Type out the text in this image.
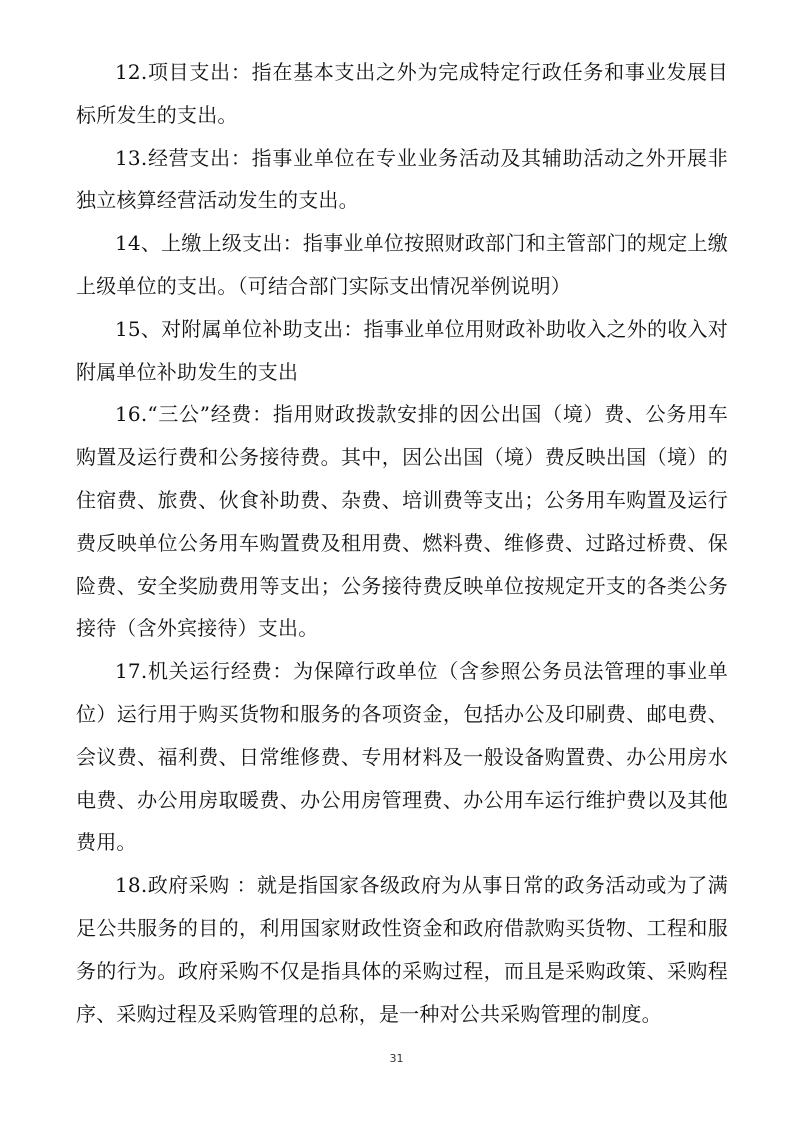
12.项目支出：指在基本支出之外为完成特定行政任务和事业发展目标所发生的支出。

13.经营支出：指事业单位在专业业务活动及其辅助活动之外开展非独立核算经营活动发生的支出。

14、上缴上级支出：指事业单位按照财政部门和主管部门的规定上缴上级单位的支出。（可结合部门实际支出情况举例说明）

15、对附属单位补助支出：指事业单位用财政补助收入之外的收入对附属单位补助发生的支出

16.“三公”经费：指用财政拨款安排的因公出国（境）费、公务用车购置及运行费和公务接待费。其中，因公出国（境）费反映出国（境）的住宿费、旅费、伙食补助费、杂费、培训费等支出；公务用车购置及运行费反映单位公务用车购置费及租用费、燃料费、维修费、过路过桥费、保险费、安全奖励费用等支出；公务接待费反映单位按规定开支的各类公务接待（含外宾接待）支出。

17.机关运行经费：为保障行政单位（含参照公务员法管理的事业单位）运行用于购买货物和服务的各项资金，包括办公及印刷费、邮电费、会议费、福利费、日常维修费、专用材料及一般设备购置费、办公用房水电费、办公用房取暖费、办公用房管理费、办公用车运行维护费以及其他费用。

18.政府采购 ：就是指国家各级政府为从事日常的政务活动或为了满足公共服务的目的，利用国家财政性资金和政府借款购买货物、工程和服务的行为。政府采购不仅是指具体的采购过程，而且是采购政策、采购程序、采购过程及采购管理的总称，是一种对公共采购管理的制度。

31
